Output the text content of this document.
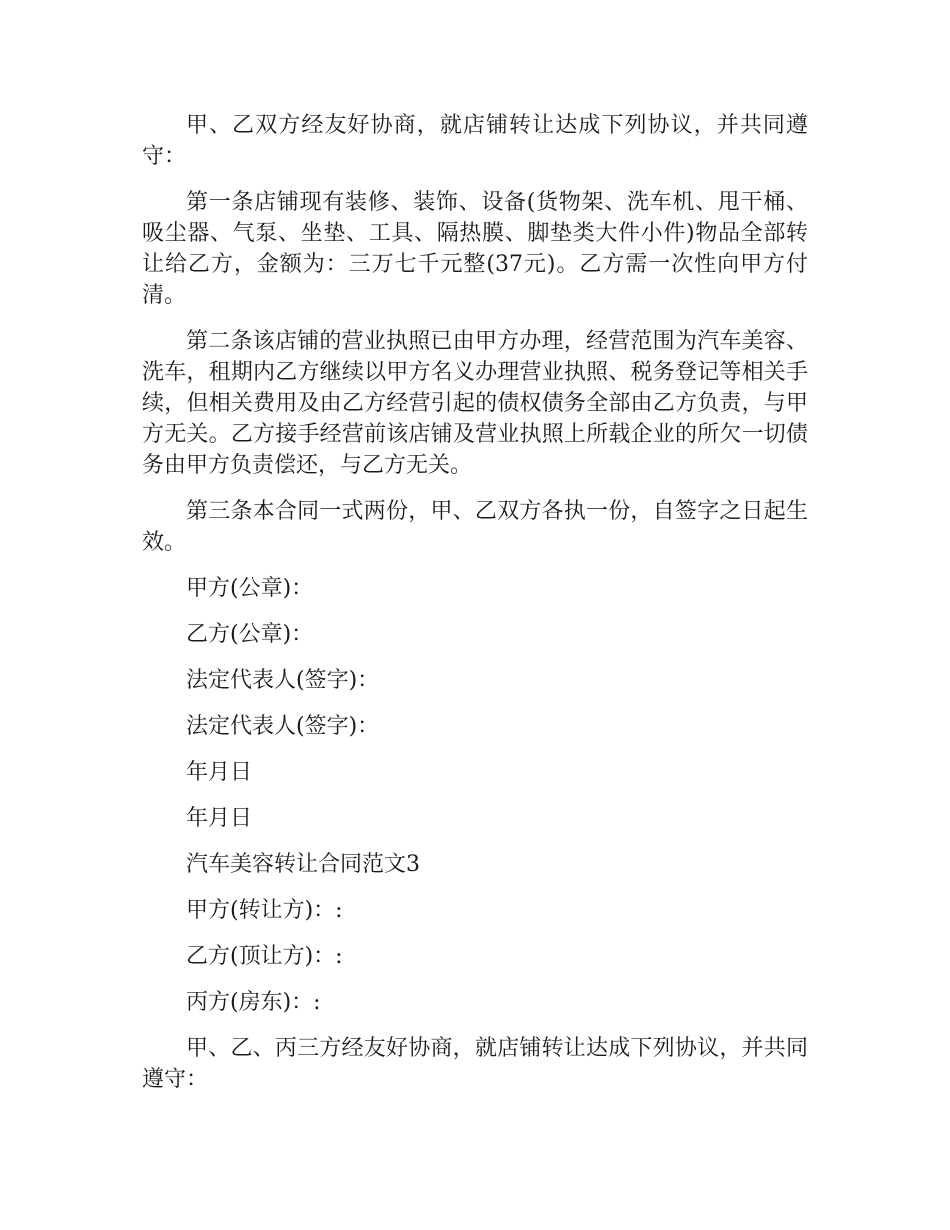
甲、乙双方经友好协商，就店铺转让达成下列协议，并共同遵守：

第一条店铺现有装修、装饰、设备(货物架、洗车机、甩干桶、吸尘器、气泵、坐垫、工具、隔热膜、脚垫类大件小件)物品全部转让给乙方，金额为：三万七千元整(37元)。乙方需一次性向甲方付清。

第二条该店铺的营业执照已由甲方办理，经营范围为汽车美容、洗车，租期内乙方继续以甲方名义办理营业执照、税务登记等相关手续，但相关费用及由乙方经营引起的债权债务全部由乙方负责，与甲方无关。乙方接手经营前该店铺及营业执照上所载企业的所欠一切债务由甲方负责偿还，与乙方无关。

第三条本合同一式两份，甲、乙双方各执一份，自签字之日起生效。

甲方(公章)：

乙方(公章)：

法定代表人(签字)：

法定代表人(签字)：

年月日

年月日

汽车美容转让合同范文3

甲方(转让方)：:

乙方(顶让方)：:

丙方(房东)：:

甲、乙、丙三方经友好协商，就店铺转让达成下列协议，并共同遵守：
